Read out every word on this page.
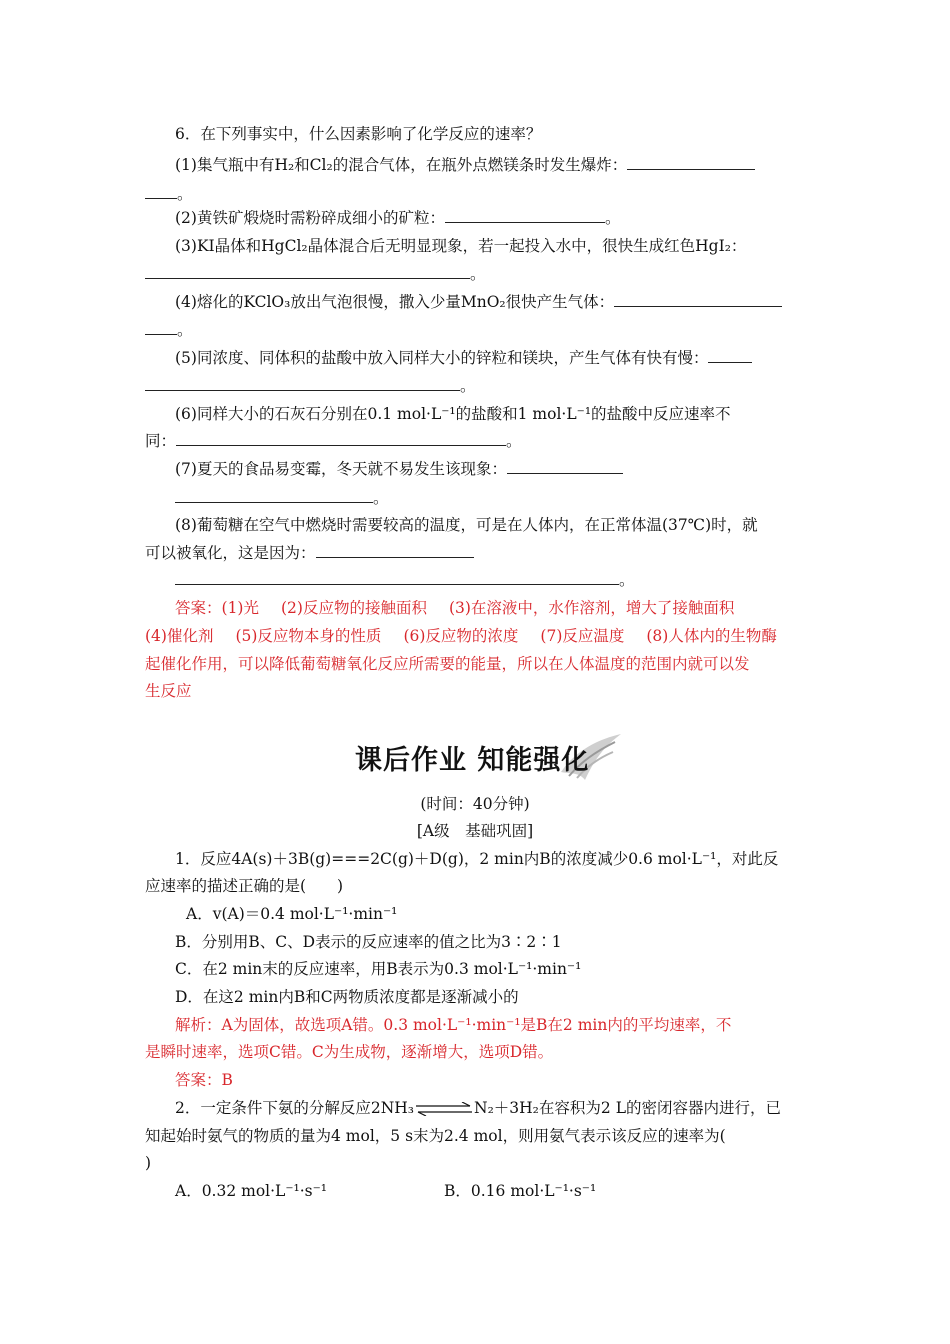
6．在下列事实中，什么因素影响了化学反应的速率？
(1)集气瓶中有H₂和Cl₂的混合气体，在瓶外点燃镁条时发生爆炸：
。
(2)黄铁矿煅烧时需粉碎成细小的矿粒：	。
(3)KI晶体和HgCl₂晶体混合后无明显现象，若一起投入水中，很快生成红色HgI₂：
。
(4)熔化的KClO₃放出气泡很慢，撒入少量MnO₂很快产生气体：
。
(5)同浓度、同体积的盐酸中放入同样大小的锌粒和镁块，产生气体有快有慢：
。
(6)同样大小的石灰石分别在0.1 mol·L⁻¹的盐酸和1 mol·L⁻¹的盐酸中反应速率不
同：	。
(7)夏天的食品易变霉，冬天就不易发生该现象：
。
(8)葡萄糖在空气中燃烧时需要较高的温度，可是在人体内，在正常体温(37℃)时，就
可以被氧化，这是因为：
。
答案：(1)光 (2)反应物的接触面积 (3)在溶液中，水作溶剂，增大了接触面积
(4)催化剂 (5)反应物本身的性质 (6)反应物的浓度 (7)反应温度 (8)人体内的生物酶
起催化作用，可以降低葡萄糖氧化反应所需要的能量，所以在人体温度的范围内就可以发
生反应
课后作业 知能强化
(时间：40分钟)
[A级　基础巩固]
1．反应4A(s)＋3B(g)===2C(g)＋D(g)，2 min内B的浓度减少0.6 mol·L⁻¹，对此反
应速率的描述正确的是(　　)
A．v(A)＝0.4 mol·L⁻¹·min⁻¹
B．分别用B、C、D表示的反应速率的值之比为3∶2∶1
C．在2 min末的反应速率，用B表示为0.3 mol·L⁻¹·min⁻¹
D．在这2 min内B和C两物质浓度都是逐渐减小的
解析：A为固体，故选项A错。0.3 mol·L⁻¹·min⁻¹是B在2 min内的平均速率，不
是瞬时速率，选项C错。C为生成物，逐渐增大，选项D错。
答案：B
2．一定条件下氨的分解反应2NH₃⇌N₂＋3H₂在容积为2 L的密闭容器内进行，已
知起始时氨气的物质的量为4 mol，5 s末为2.4 mol，则用氨气表示该反应的速率为(
)
A．0.32 mol·L⁻¹·s⁻¹	B．0.16 mol·L⁻¹·s⁻¹
